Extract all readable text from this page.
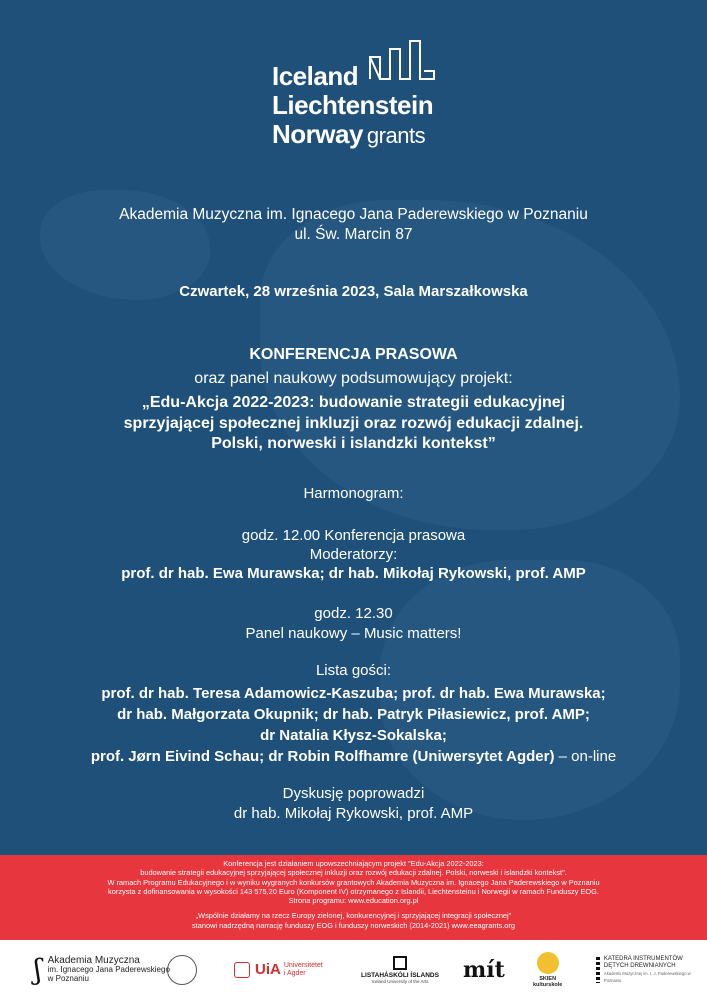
Iceland
Liechtenstein
Norway grants
Akademia Muzyczna im. Ignacego Jana Paderewskiego w Poznaniu
ul. Św. Marcin 87
Czwartek, 28 września 2023, Sala Marszałkowska
KONFERENCJA PRASOWA
oraz panel naukowy podsumowujący projekt:
„Edu-Akcja 2022-2023: budowanie strategii edukacyjnej
sprzyjającej społecznej inkluzji oraz rozwój edukacji zdalnej.
Polski, norweski i islandzki kontekst”
Harmonogram:
godz. 12.00 Konferencja prasowa
Moderatorzy:
prof. dr hab. Ewa Murawska; dr hab. Mikołaj Rykowski, prof. AMP
godz. 12.30
Panel naukowy – Music matters!
Lista gości:
prof. dr hab. Teresa Adamowicz-Kaszuba; prof. dr hab. Ewa Murawska;
dr hab. Małgorzata Okupnik; dr hab. Patryk Piłasiewicz, prof. AMP;
dr Natalia Kłysz-Sokalska;
prof. Jørn Eivind Schau; dr Robin Rolfhamre (Uniwersytet Agder) – on-line
Dyskusję poprowadzi
dr hab. Mikołaj Rykowski, prof. AMP
Konferencja jest działaniem upowszechniającym projekt "Edu-Akcja 2022-2023:
budowanie strategii edukacyjnej sprzyjającej społecznej inkluzji oraz rozwój edukacji zdalnej. Polski, norweski i islandzki kontekst".
W ramach Programu Edukacyjnego i w wyniku wygranych konkursów grantowych Akademia Muzyczna im. Ignacego Jana Paderewskiego w Poznaniu
korzysta z dofinansowania w wysokości 143 575,20 Euro (Komponent IV) otrzymanego z Islandii, Liechtensteinu i Norwegii w ramach Funduszy EOG.
Strona programu: www.education.org.pl
„Wspólnie działamy na rzecz Europy zielonej, konkurencyjnej i sprzyjającej integracji społecznej"
stanowi nadrzędną narrację funduszy EOG i funduszy norweskich (2014-2021) www.eeagrants.org
ʃ Akademia Muzyczna
im. Ignacego Jana Paderewskiego
w Poznaniu
UiA Universitetet
i Agder	LISTAHÁSKÓLI ÍSLANDS
Iceland University of the Arts	mít	SKIEN
kulturskole
KATEDRA INSTRUMENTÓW
DĘTYCH DREWNIANYCH
Akademii Muzycznej im. I. J. Paderewskiego w Poznaniu
